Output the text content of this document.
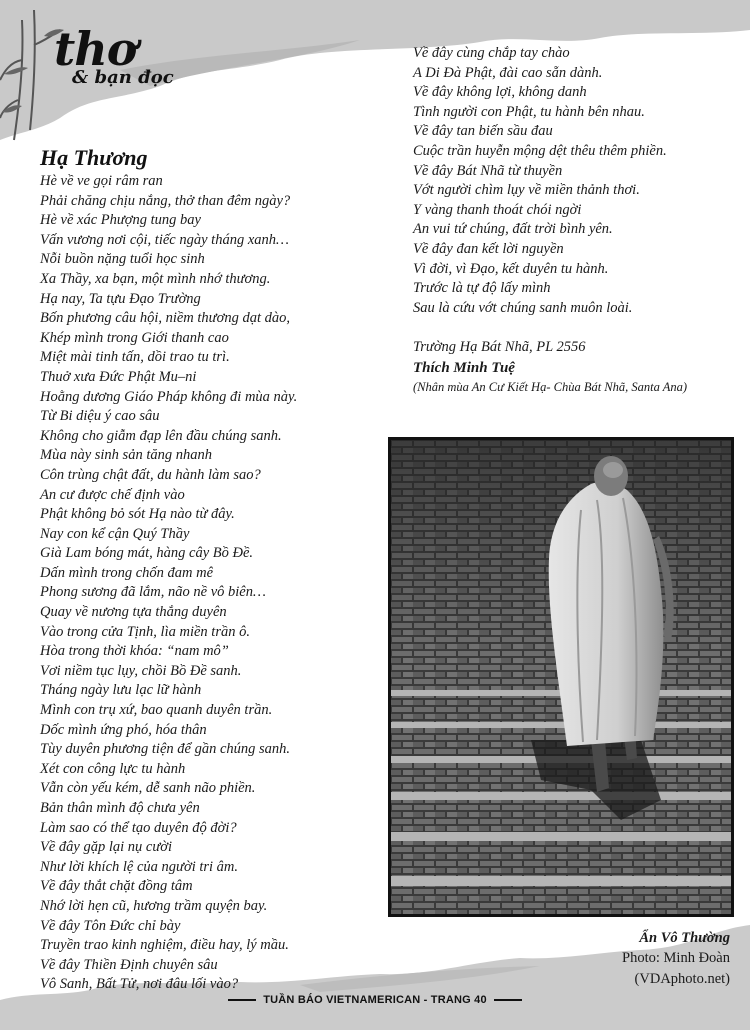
thơ
& bạn đọc
Hạ Thương
Hè về ve gọi râm ran
Phải chăng chịu nắng, thở than đêm ngày?
Hè về xác Phượng tung bay
Vấn vương nơi cội, tiếc ngày tháng xanh…
Nỗi buồn nặng tuổi học sinh
Xa Thầy, xa bạn, một mình nhớ thương.
Hạ nay, Ta tựu Đạo Trường
Bốn phương câu hội, niềm thương dạt dào,
Khép mình trong Giới thanh cao
Miệt mài tinh tấn, dồi trao tu trì.
Thuở xưa Đức Phật Mu–ni
Hoằng dương Giáo Pháp không đi mùa này.
Từ Bi diệu ý cao sâu
Không cho giẫm đạp lên đầu chúng sanh.
Mùa này sinh sản tăng nhanh
Côn trùng chật đất, du hành làm sao?
An cư được chế định vào
Phật không bỏ sót Hạ nào từ đây.
Nay con kể cận Quý Thầy
Già Lam bóng mát, hàng cây Bồ Đề.
Dấn mình trong chốn đam mê
Phong sương đã lắm, não nề vô biên…
Quay về nương tựa thắng duyên
Vào trong cửa Tịnh, lìa miền trần ô.
Hòa trong thời khóa: “nam mô”
Vơi niềm tục lụy, chồi Bồ Đề sanh.
Tháng ngày lưu lạc lữ hành
Mình con trụ xứ, bao quanh duyên trần.
Dốc mình ứng phó, hóa thân
Tùy duyên phương tiện để gần chúng sanh.
Xét con công lực tu hành
Vẫn còn yếu kém, dễ sanh não phiền.
Bản thân mình độ chưa yên
Làm sao có thể tạo duyên độ đời?
Về đây gặp lại nụ cười
Như lời khích lệ của người tri âm.
Về đây thắt chặt đồng tâm
Nhớ lời hẹn cũ, hương trầm quyện bay.
Về đây Tôn Đức chỉ bày
Truyền trao kinh nghiệm, điều hay, lý mầu.
Về đây Thiền Định chuyên sâu
Vô Sanh, Bất Tử, nơi đâu lối vào?
Về đây cùng chắp tay chào
A Di Đà Phật, đài cao sẵn dành.
Về đây không lợi, không danh
Tình người con Phật, tu hành bên nhau.
Về đây tan biến sầu đau
Cuộc trần huyễn mộng dệt thêu thêm phiền.
Về đây Bát Nhã từ thuyền
Vớt người chìm lụy về miền thảnh thơi.
Y vàng thanh thoát chói ngời
An vui tứ chúng, đất trời bình yên.
Về đây đan kết lời nguyền
Vì đời, vì Đạo, kết duyên tu hành.
Trước là tự độ lấy mình
Sau là cứu vớt chúng sanh muôn loài.
Trường Hạ Bát Nhã, PL 2556
Thích Minh Tuệ
(Nhân mùa An Cư Kiết Hạ- Chùa Bát Nhã, Santa Ana)
Ẩn Vô Thường
Photo: Minh Đoàn
(VDAphoto.net)
TUẦN BÁO VIETNAMERICAN - TRANG 40
